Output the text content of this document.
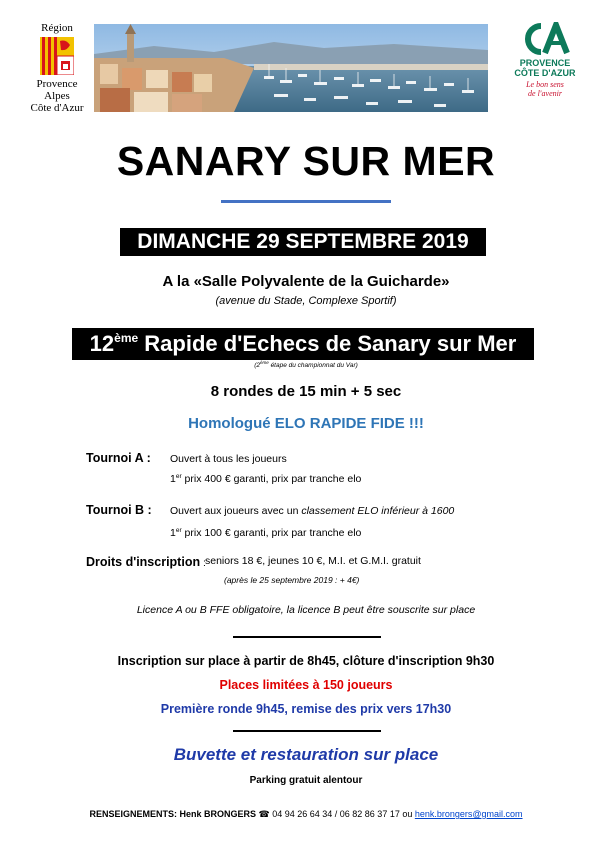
Région
Provence
Alpes
Côte d'Azur
PROVENCE
CÔTE D'AZUR
Le bon sens
de l'avenir
SANARY SUR MER
DIMANCHE 29 SEPTEMBRE 2019
A la «Salle Polyvalente de la Guicharde»
(avenue du Stade, Complexe Sportif)
12ème Rapide d'Echecs de Sanary sur Mer
(2ème étape du championnat du Var)
8 rondes de 15 min + 5 sec
Homologué ELO RAPIDE FIDE !!!
Tournoi A : Ouvert à tous les joueurs
1er prix 400 € garanti, prix par tranche elo
Tournoi B : Ouvert aux joueurs avec un classement ELO inférieur à 1600
1er prix 100 € garanti, prix par tranche elo
Droits d'inscription : seniors 18 €, jeunes 10 €, M.I. et G.M.I. gratuit
(après le 25 septembre 2019 : + 4€)
Licence A ou B FFE obligatoire, la licence B peut être souscrite sur place
Inscription sur place à partir de 8h45, clôture d'inscription 9h30
Places limitées à 150 joueurs
Première ronde 9h45, remise des prix vers 17h30
Buvette et restauration sur place
Parking gratuit alentour
RENSEIGNEMENTS: Henk BRONGERS ☎ 04 94 26 64 34 / 06 82 86 37 17 ou henk.brongers@gmail.com
